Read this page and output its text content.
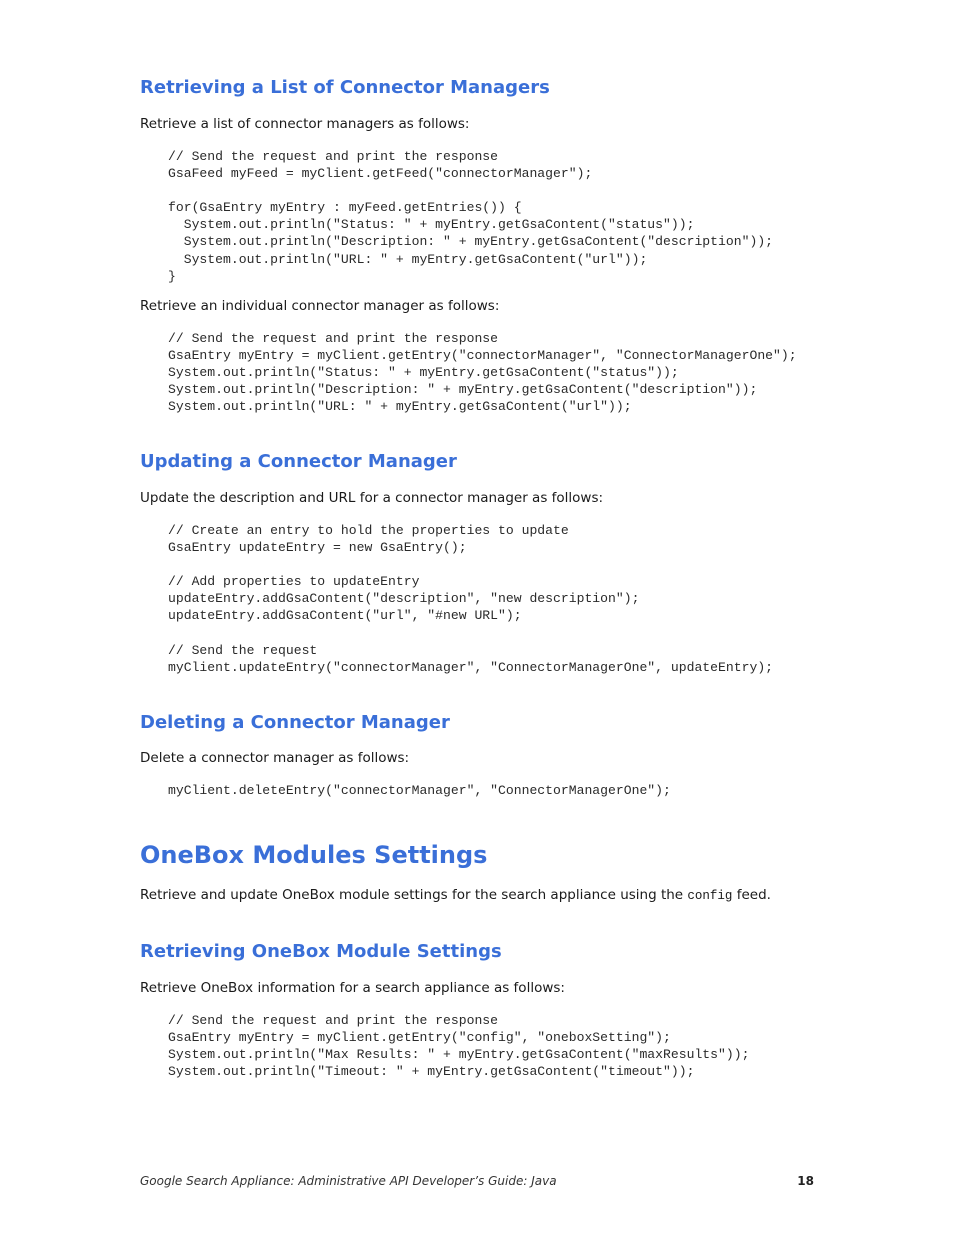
Retrieving a List of Connector Managers

Retrieve a list of connector managers as follows:

// Send the request and print the response
GsaFeed myFeed = myClient.getFeed("connectorManager");

for(GsaEntry myEntry : myFeed.getEntries()) {
System.out.println("Status: " + myEntry.getGsaContent("status"));
System.out.println("Description: " + myEntry.getGsaContent("description"));
System.out.println("URL: " + myEntry.getGsaContent("url"));
}

Retrieve an individual connector manager as follows:

// Send the request and print the response
GsaEntry myEntry = myClient.getEntry("connectorManager", "ConnectorManagerOne");
System.out.println("Status: " + myEntry.getGsaContent("status"));
System.out.println("Description: " + myEntry.getGsaContent("description"));
System.out.println("URL: " + myEntry.getGsaContent("url"));
Updating a Connector Manager

Update the description and URL for a connector manager as follows:

// Create an entry to hold the properties to update
GsaEntry updateEntry = new GsaEntry();

// Add properties to updateEntry
updateEntry.addGsaContent("description", "new description");
updateEntry.addGsaContent("url", "#new URL");

// Send the request
myClient.updateEntry("connectorManager", "ConnectorManagerOne", updateEntry);
Deleting a Connector Manager

Delete a connector manager as follows:

myClient.deleteEntry("connectorManager", "ConnectorManagerOne");
OneBox Modules Settings

Retrieve and update OneBox module settings for the search appliance using the config feed.

Retrieving OneBox Module Settings

Retrieve OneBox information for a search appliance as follows:

// Send the request and print the response
GsaEntry myEntry = myClient.getEntry("config", "oneboxSetting");
System.out.println("Max Results: " + myEntry.getGsaContent("maxResults"));
System.out.println("Timeout: " + myEntry.getGsaContent("timeout"));

Google Search Appliance: Administrative API Developer’s Guide: Java	18
